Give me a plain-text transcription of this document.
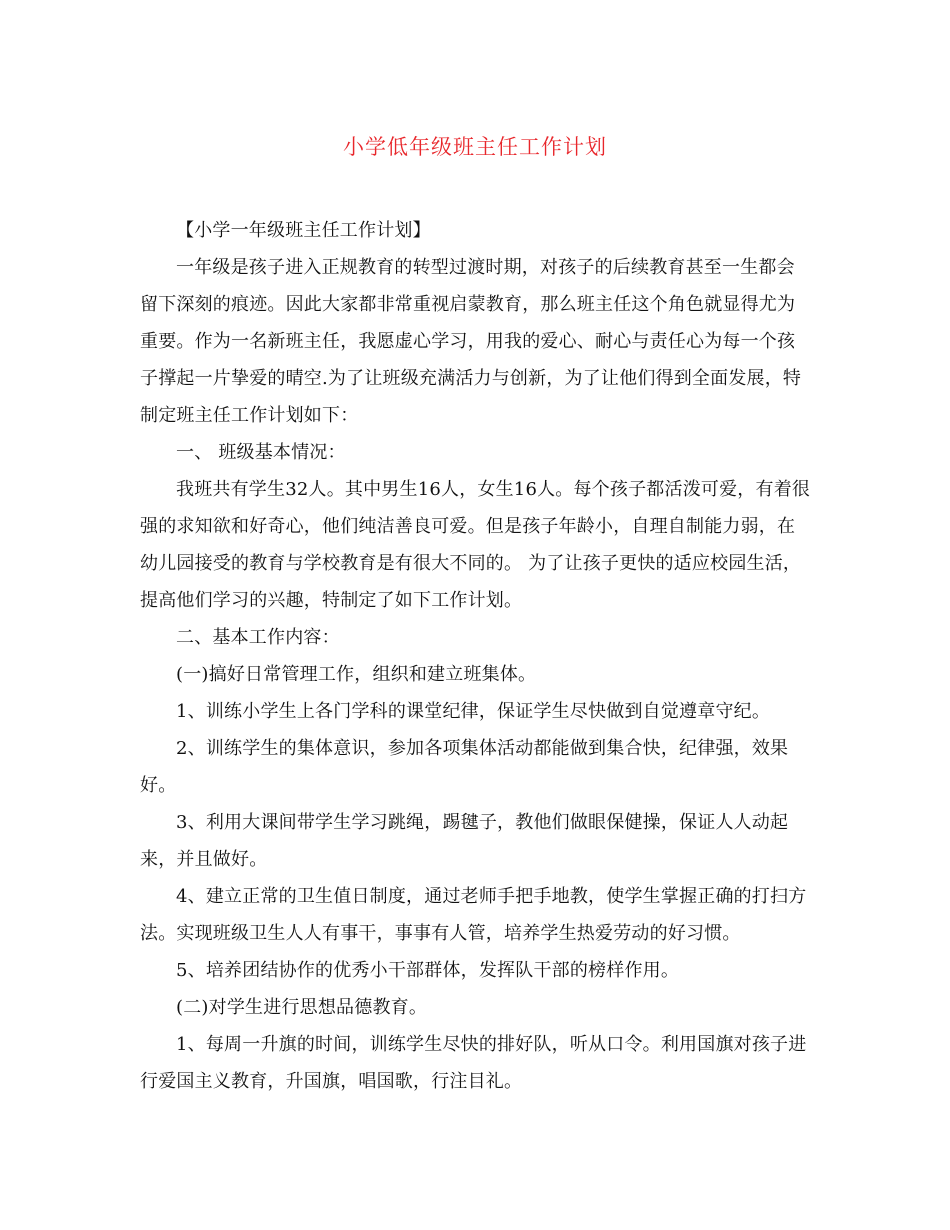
小学低年级班主任工作计划

【小学一年级班主任工作计划】

一年级是孩子进入正规教育的转型过渡时期，对孩子的后续教育甚至一生都会留下深刻的痕迹。因此大家都非常重视启蒙教育，那么班主任这个角色就显得尤为重要。作为一名新班主任，我愿虚心学习，用我的爱心、耐心与责任心为每一个孩子撑起一片挚爱的晴空.为了让班级充满活力与创新，为了让他们得到全面发展，特制定班主任工作计划如下：

一、 班级基本情况：

我班共有学生32人。其中男生16人，女生16人。每个孩子都活泼可爱，有着很强的求知欲和好奇心，他们纯洁善良可爱。但是孩子年龄小，自理自制能力弱，在幼儿园接受的教育与学校教育是有很大不同的。 为了让孩子更快的适应校园生活，提高他们学习的兴趣，特制定了如下工作计划。

二、基本工作内容：

(一)搞好日常管理工作，组织和建立班集体。

1、训练小学生上各门学科的课堂纪律，保证学生尽快做到自觉遵章守纪。

2、训练学生的集体意识，参加各项集体活动都能做到集合快，纪律强，效果好。

3、利用大课间带学生学习跳绳，踢毽子，教他们做眼保健操，保证人人动起来，并且做好。

4、建立正常的卫生值日制度，通过老师手把手地教，使学生掌握正确的打扫方法。实现班级卫生人人有事干，事事有人管，培养学生热爱劳动的好习惯。

5、培养团结协作的优秀小干部群体，发挥队干部的榜样作用。

(二)对学生进行思想品德教育。

1、每周一升旗的时间，训练学生尽快的排好队，听从口令。利用国旗对孩子进行爱国主义教育，升国旗，唱国歌，行注目礼。
